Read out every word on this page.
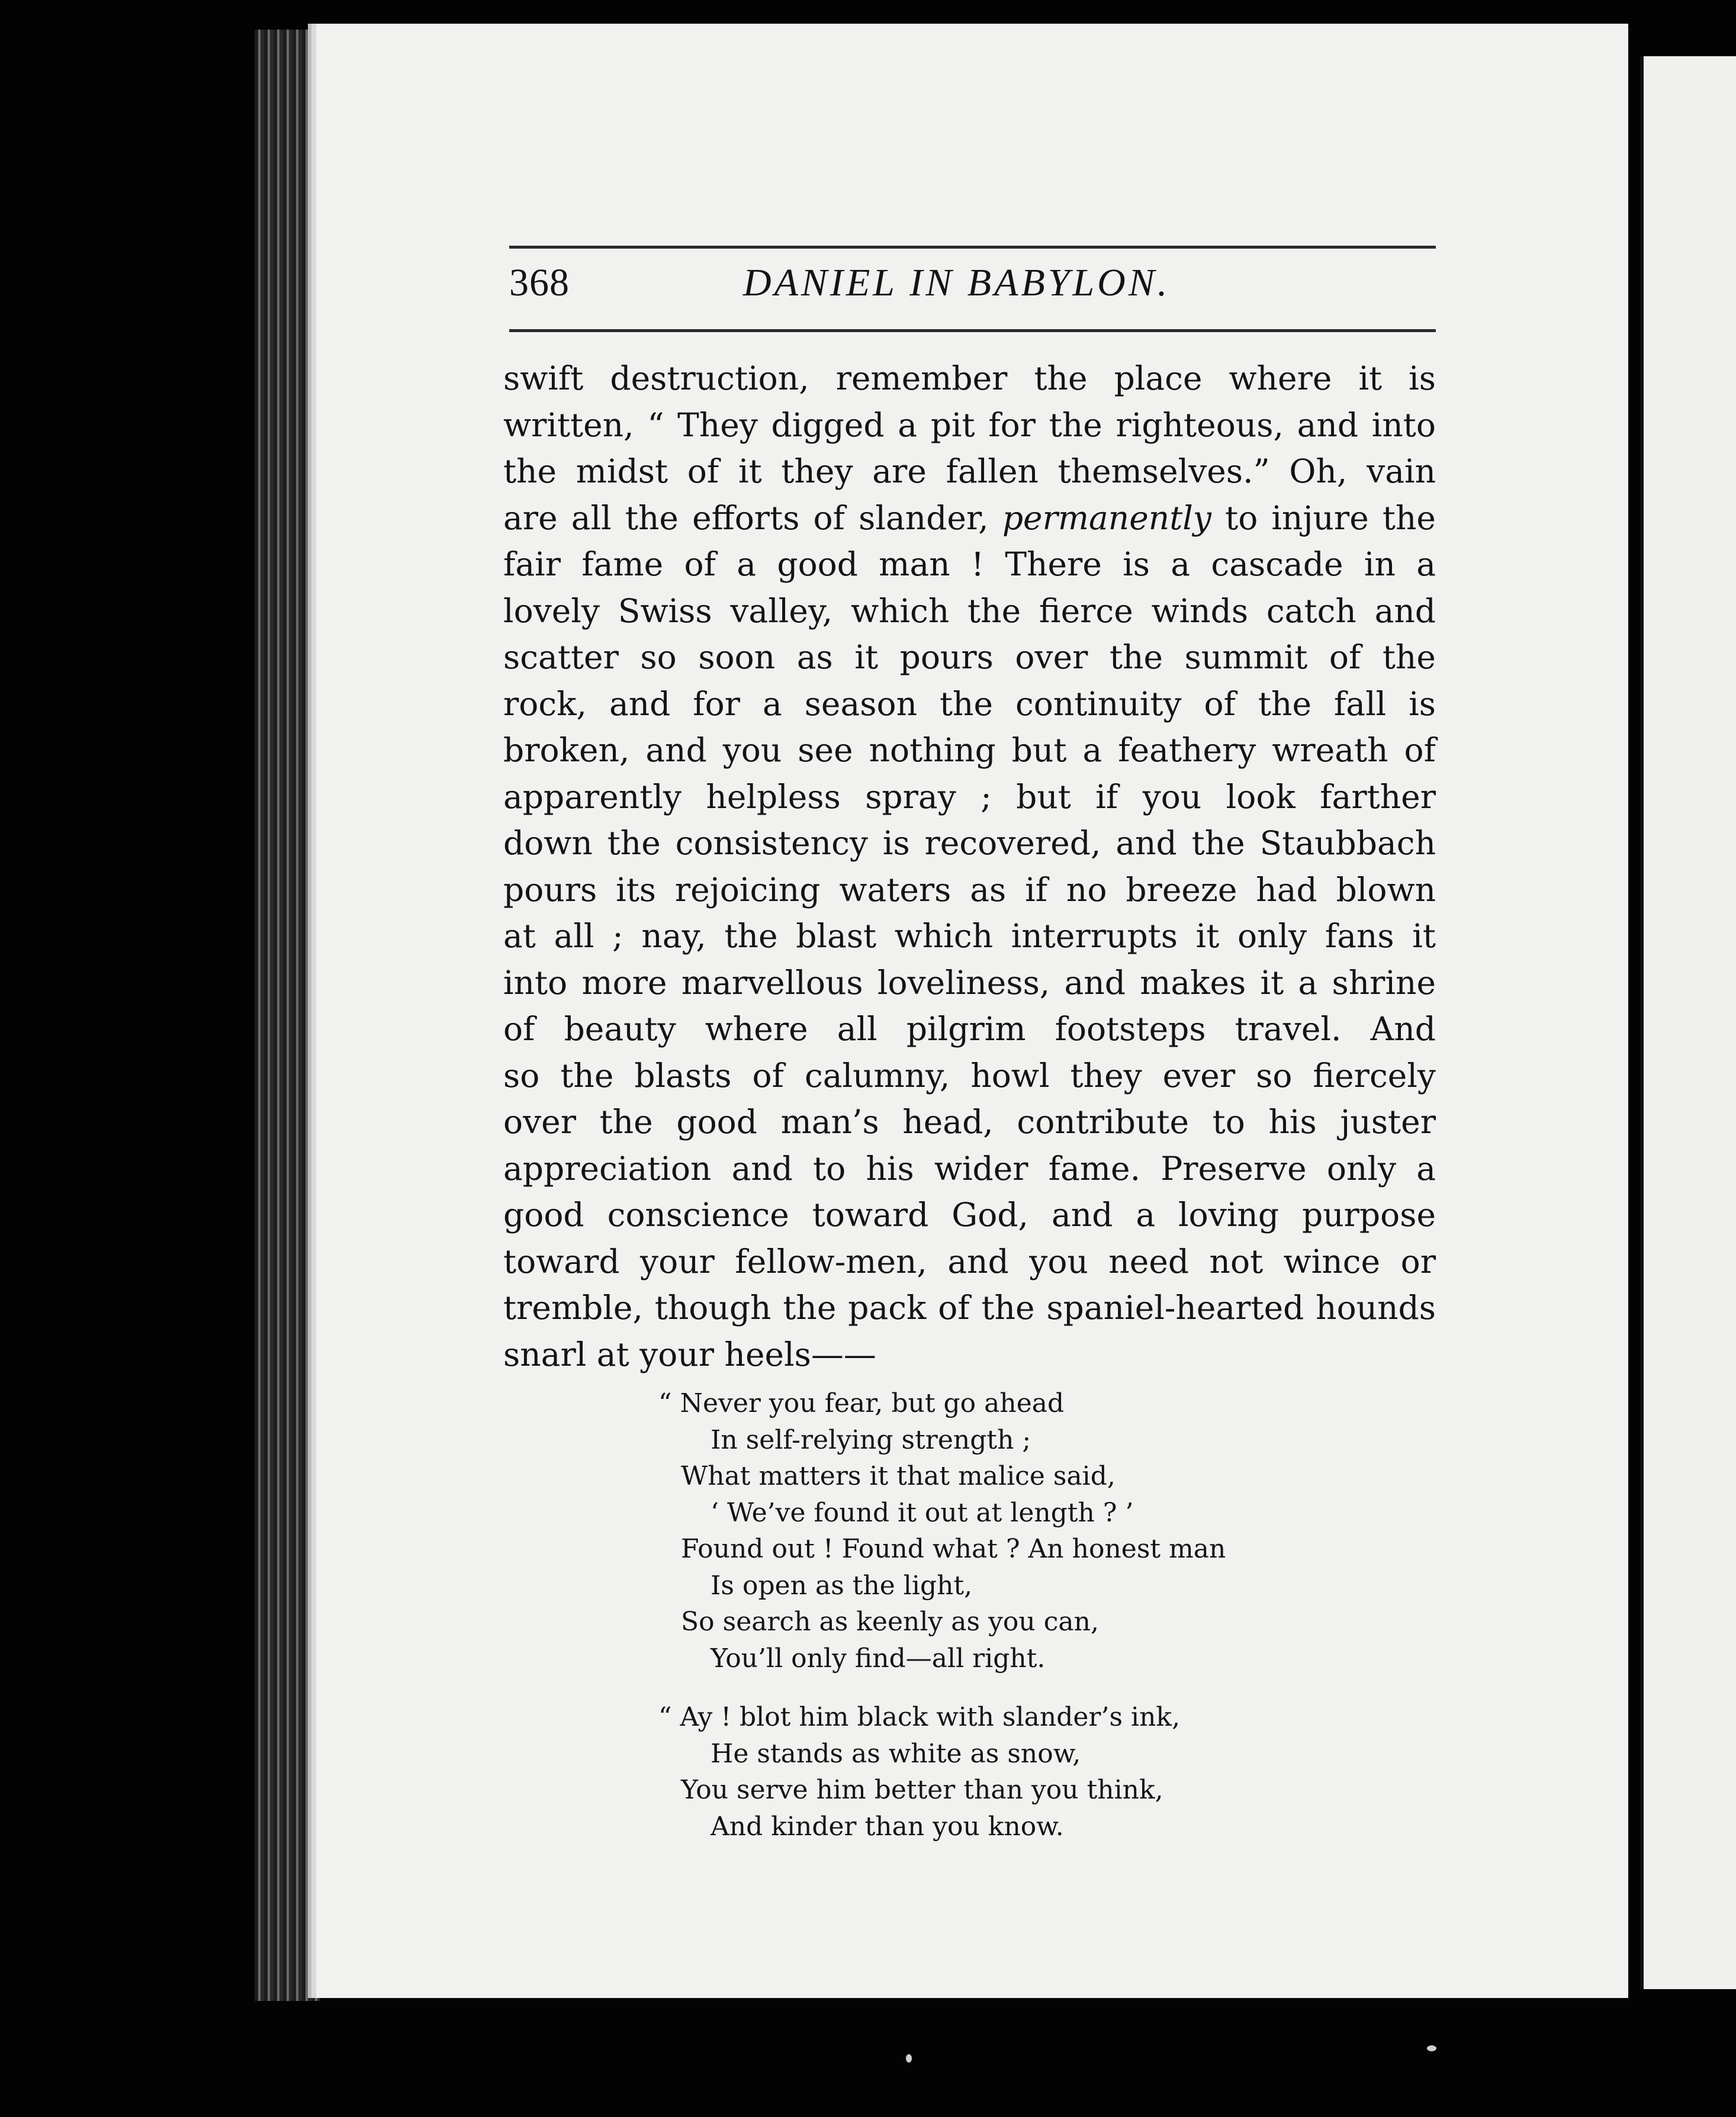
368	DANIEL IN BABYLON.
swift destruction, remember the place where it is
written, “ They digged a pit for the righteous, and into
the midst of it they are fallen themselves.” Oh, vain
are all the efforts of slander, permanently to injure the
fair fame of a good man ! There is a cascade in a
lovely Swiss valley, which the fierce winds catch and
scatter so soon as it pours over the summit of the
rock, and for a season the continuity of the fall is
broken, and you see nothing but a feathery wreath of
apparently helpless spray ; but if you look farther
down the consistency is recovered, and the Staubbach
pours its rejoicing waters as if no breeze had blown
at all ; nay, the blast which interrupts it only fans it
into more marvellous loveliness, and makes it a shrine
of beauty where all pilgrim footsteps travel. And
so the blasts of calumny, howl they ever so fiercely
over the good man’s head, contribute to his juster
appreciation and to his wider fame. Preserve only a
good conscience toward God, and a loving purpose
toward your fellow-men, and you need not wince or
tremble, though the pack of the spaniel-hearted hounds
snarl at your heels——
“ Never you fear, but go ahead
In self-relying strength ;
What matters it that malice said,
‘ We’ve found it out at length ? ’
Found out ! Found what ? An honest man
Is open as the light,
So search as keenly as you can,
You’ll only find—all right.
“ Ay ! blot him black with slander’s ink,
He stands as white as snow,
You serve him better than you think,
And kinder than you know.
